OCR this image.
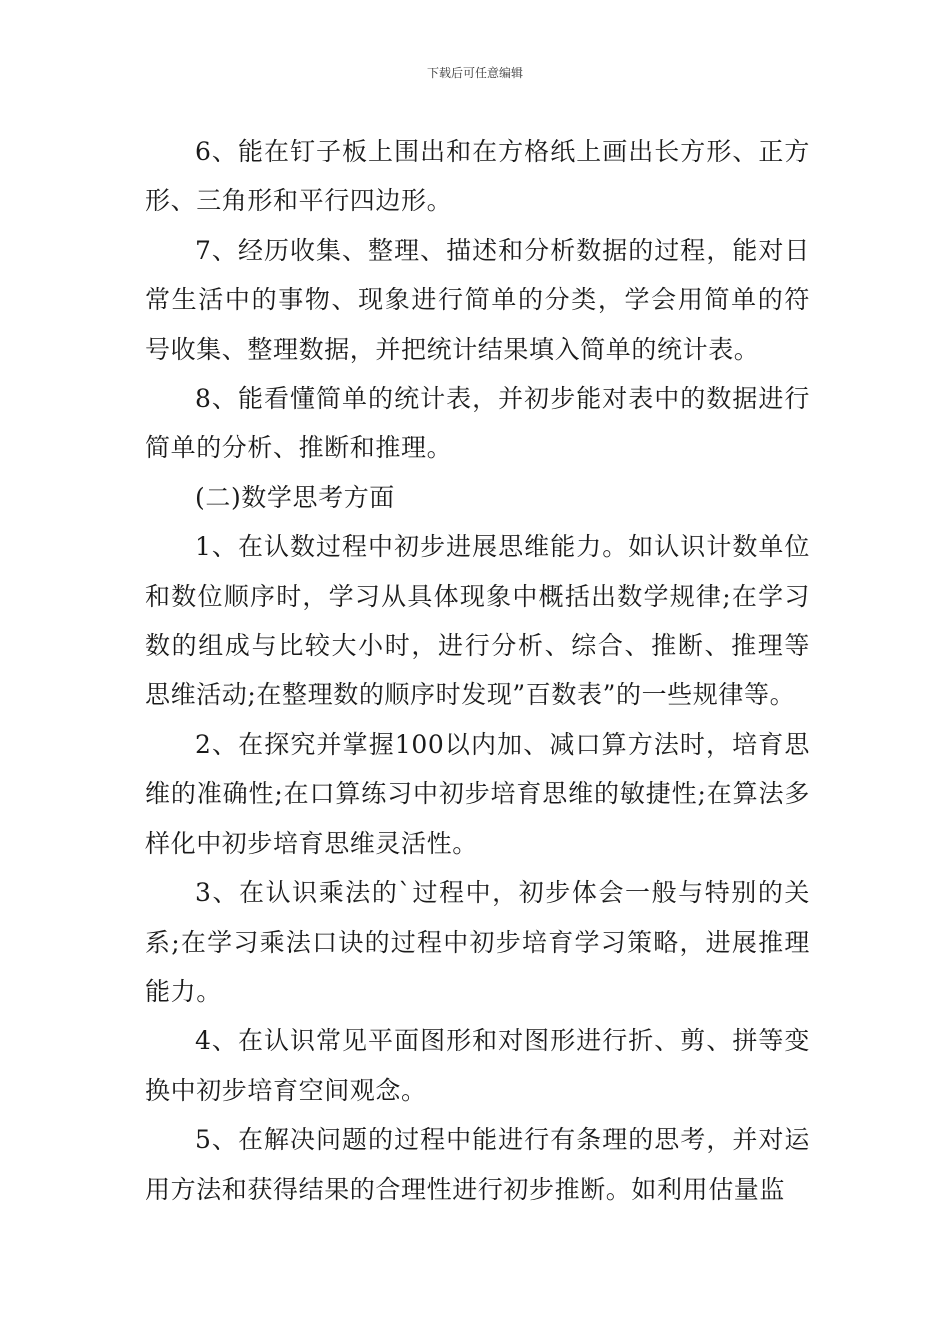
下载后可任意编辑

6、能在钉子板上围出和在方格纸上画出长方形、正方形、三角形和平行四边形。

7、经历收集、整理、描述和分析数据的过程，能对日常生活中的事物、现象进行简单的分类，学会用简单的符号收集、整理数据，并把统计结果填入简单的统计表。

8、能看懂简单的统计表，并初步能对表中的数据进行简单的分析、推断和推理。

(二)数学思考方面

1、在认数过程中初步进展思维能力。如认识计数单位和数位顺序时，学习从具体现象中概括出数学规律;在学习数的组成与比较大小时，进行分析、综合、推断、推理等思维活动;在整理数的顺序时发现”百数表”的一些规律等。

2、在探究并掌握100以内加、减口算方法时，培育思维的准确性;在口算练习中初步培育思维的敏捷性;在算法多样化中初步培育思维灵活性。

3、在认识乘法的`过程中，初步体会一般与特别的关系;在学习乘法口诀的过程中初步培育学习策略，进展推理能力。

4、在认识常见平面图形和对图形进行折、剪、拼等变换中初步培育空间观念。

5、在解决问题的过程中能进行有条理的思考，并对运用方法和获得结果的合理性进行初步推断。如利用估量监
